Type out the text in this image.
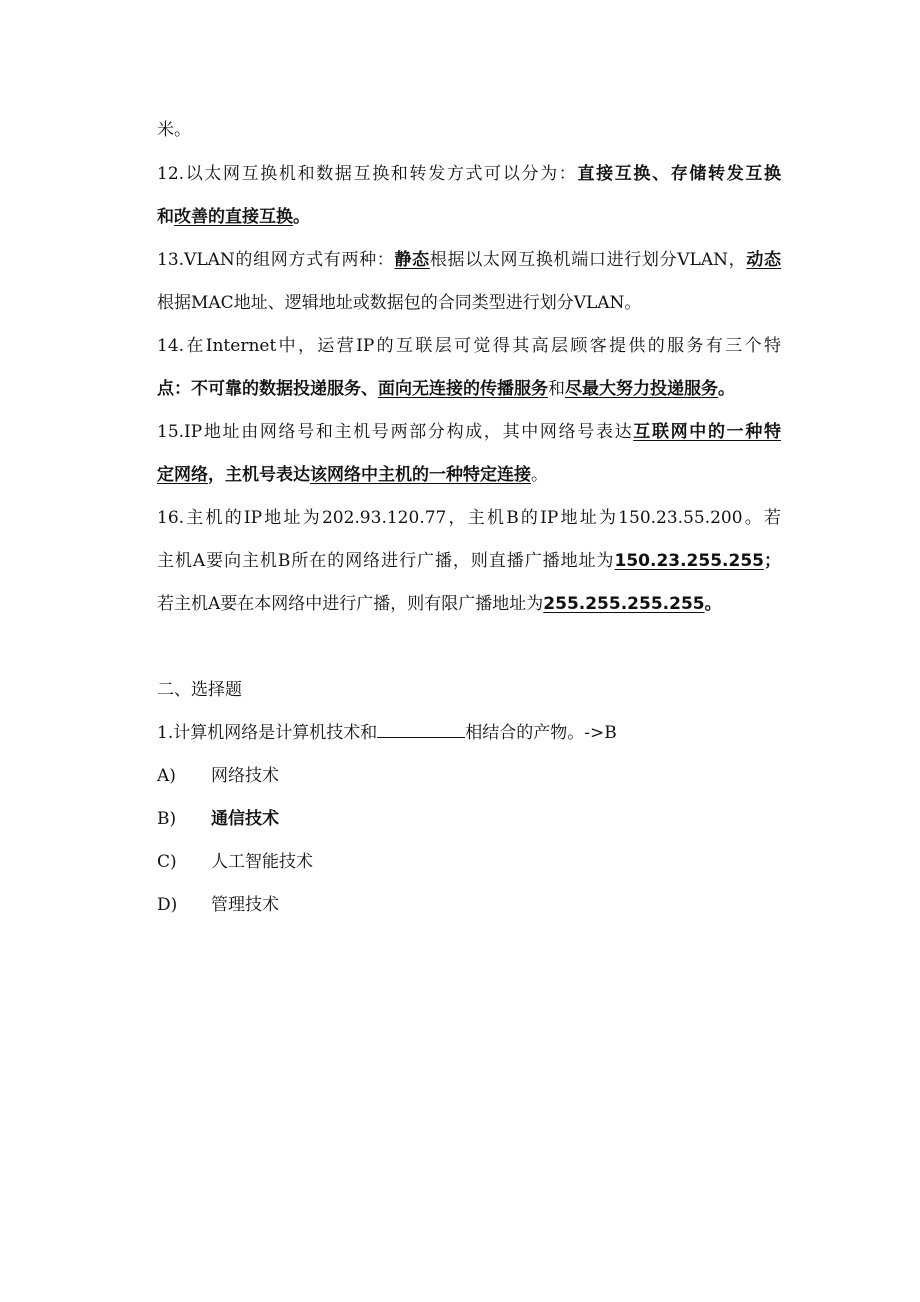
米。
12.以太网互换机和数据互换和转发方式可以分为：直接互换、存储转发互换
和改善的直接互换。
13.VLAN的组网方式有两种：静态根据以太网互换机端口进行划分VLAN，动态
根据MAC地址、逻辑地址或数据包的合同类型进行划分VLAN。
14.在Internet中，运营IP的互联层可觉得其高层顾客提供的服务有三个特
点：不可靠的数据投递服务、面向无连接的传播服务和尽最大努力投递服务。
15.IP地址由网络号和主机号两部分构成，其中网络号表达互联网中的一种特
定网络，主机号表达该网络中主机的一种特定连接。
16.主机的IP地址为202.93.120.77，主机B的IP地址为150.23.55.200。若
主机A要向主机B所在的网络进行广播，则直播广播地址为150.23.255.255；
若主机A要在本网络中进行广播，则有限广播地址为255.255.255.255。
二、选择题
1.计算机网络是计算机技术和	相结合的产物。->B
A) 网络技术
B) 通信技术
C) 人工智能技术
D) 管理技术
